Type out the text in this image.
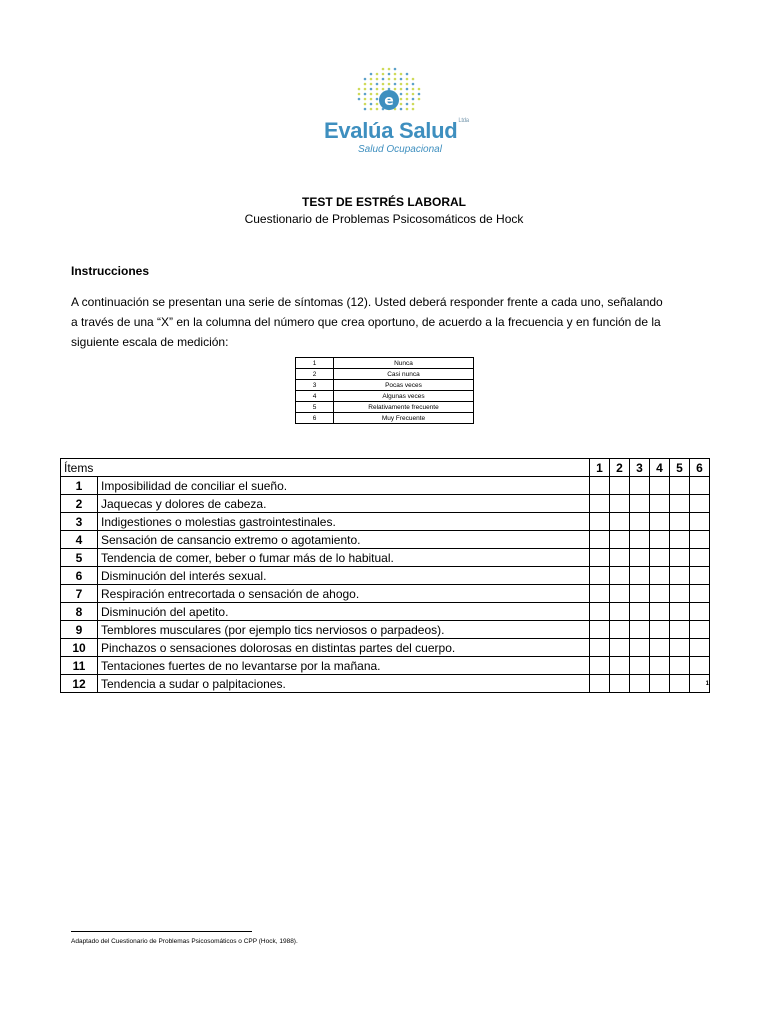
e
Evalúa Salud$^{Ltda}$
Salud Ocupacional
TEST DE ESTRÉS LABORAL
Cuestionario de Problemas Psicosomáticos de Hock
Instrucciones
A continuación se presentan una serie de síntomas (12). Usted deberá responder frente a cada uno, señalando
a través de una “X” en la columna del número que crea oportuno, de acuerdo a la frecuencia y en función de la
siguiente escala de medición:
1	Nunca
2	Casi nunca
3	Pocas veces
4	Algunas veces
5	Relativamente frecuente
6	Muy Frecuente
Ítems		1	2	3	4	5	6
1	Imposibilidad de conciliar el sueño.						
2	Jaquecas y dolores de cabeza.						
3	Indigestiones o molestias gastrointestinales.						
4	Sensación de cansancio extremo o agotamiento.						
5	Tendencia de comer, beber o fumar más de lo habitual.						
6	Disminución del interés sexual.						
7	Respiración entrecortada o sensación de ahogo.						
8	Disminución del apetito.						
9	Temblores musculares (por ejemplo tics nerviosos o parpadeos).						
10	Pinchazos o sensaciones dolorosas en distintas partes del cuerpo.						
11	Tentaciones fuertes de no levantarse por la mañana.						
12	Tendencia a sudar o palpitaciones.						1
Adaptado del Cuestionario de Problemas Psicosomáticos o CPP (Hock, 1988).
